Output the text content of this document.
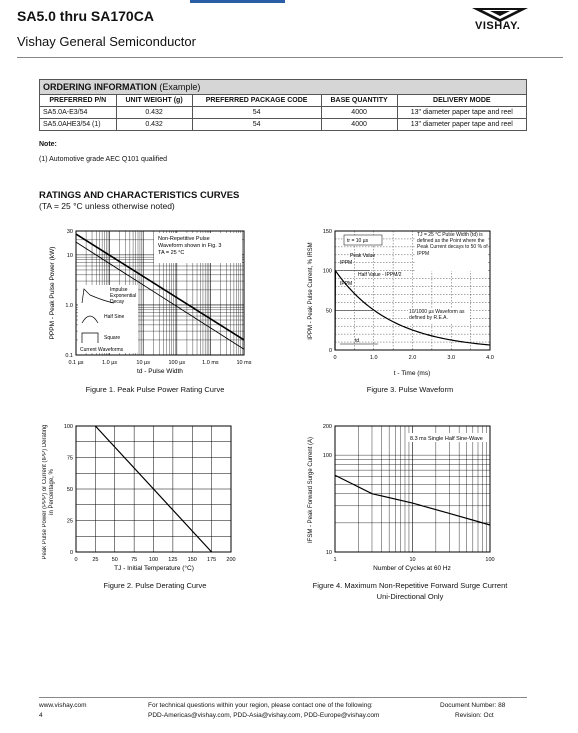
SA5.0 thru SA170CA
Vishay General Semiconductor
VISHAY.
ORDERING INFORMATION (Example)				
PREFERRED P/N	UNIT WEIGHT (g)	PREFERRED PACKAGE CODE	BASE QUANTITY	DELIVERY MODE
SA5.0A-E3/54	0.432	54	4000	13" diameter paper tape and reel
SA5.0AHE3/54 (1)	0.432	54	4000	13" diameter paper tape and reel
Note:
(1) Automotive grade AEC Q101 qualified
RATINGS AND CHARACTERISTICS CURVES
(TA = 25 °C unless otherwise noted)
Non-Repetitive Pulse
Waveform shown in Fig. 3
TA = 25 °C
Impulse
Exponential
Decay
Half Sine
Square
Current Waveforms
0.1 µs	1.0 µs	10 µs	100 µs	1.0 ms	10 ms
30
10
1.0
0.1
td - Pulse Width
PPPM - Peak Pulse Power (kW)
Figure 1. Peak Pulse Power Rating Curve
tr = 10 µs
Peak Value
IPPM
Half Value - IPPM/2
IPPM
td
TJ = 25 °C Pulse Width (td) is defined as the Point where the Peak Current decays to 50 % of IPPM
10/1000 µs Waveform as defined by R.E.A.
0	1.0	2.0	3.0	4.0
0
50
100
150
t - Time (ms)
IPPM - Peak Pulse Current, % IRSM
Figure 3. Pulse Waveform
0	25 50 75 100 125 150 175 200
0
25
50
75
100
TJ - Initial Temperature (°C)
Peak Pulse Power (PPP) or Current (IPP) Derating in Percentage, %
Figure 2. Pulse Derating Curve
8.3 ms Single Half Sine-Wave
1	10	100
200
100
10
Number of Cycles at 60 Hz
IFSM - Peak Forward Surge Current (A)
Figure 4. Maximum Non-Repetitive Forward Surge Current
Uni-Directional Only
www.vishay.com
4
For technical questions within your region, please contact one of the following:
PDD-Americas@vishay.com, PDD-Asia@vishay.com, PDD-Europe@vishay.com
Document Number: 88
Revision: Oct
